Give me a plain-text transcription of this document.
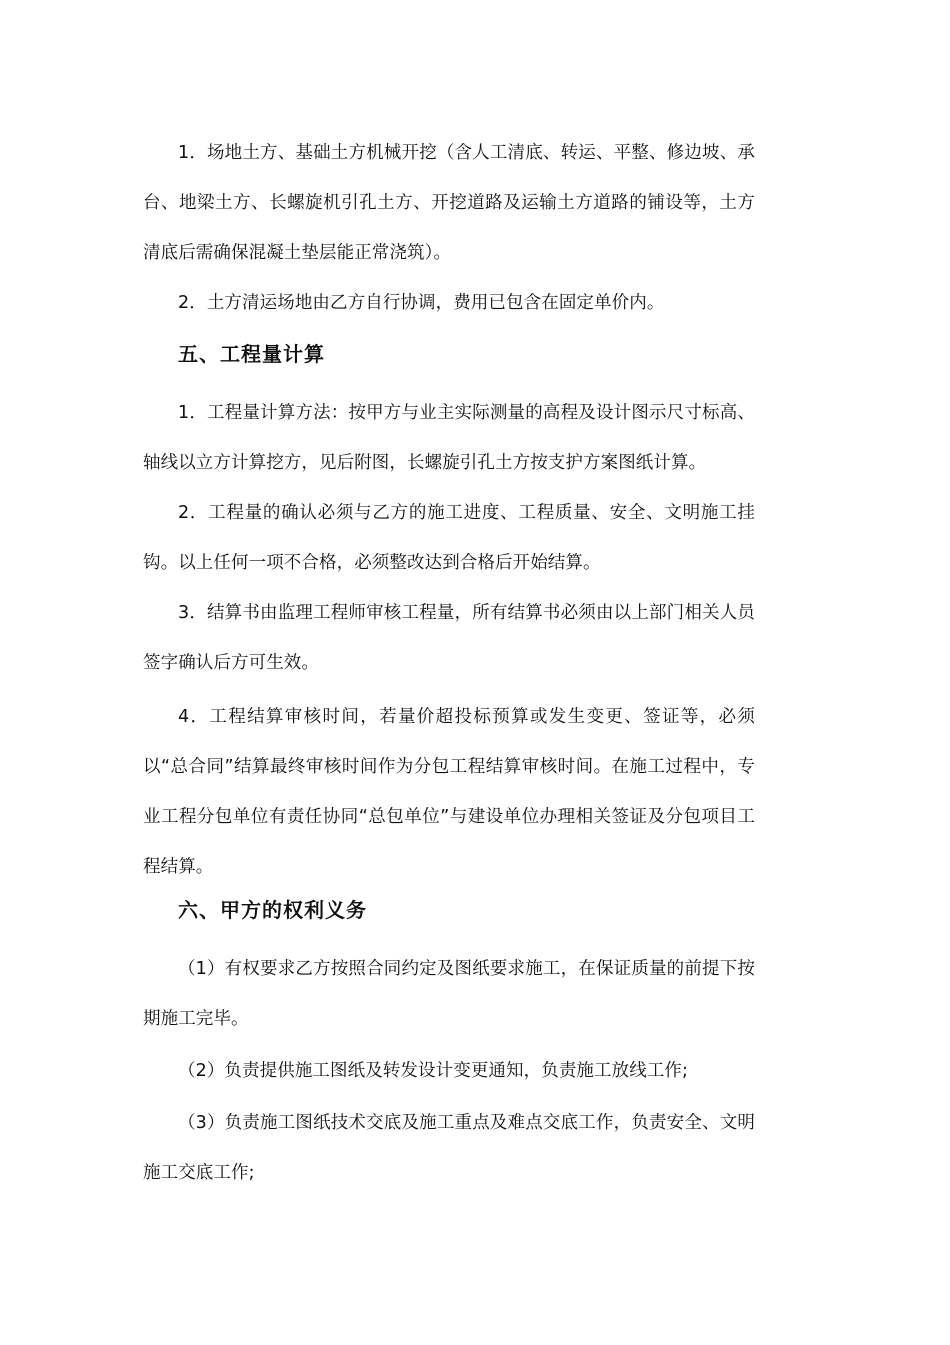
1．场地土方、基础土方机械开挖（含人工清底、转运、平整、修边坡、承台、地梁土方、长螺旋机引孔土方、开挖道路及运输土方道路的铺设等，土方清底后需确保混凝土垫层能正常浇筑）。

2．土方清运场地由乙方自行协调，费用已包含在固定单价内。

五、工程量计算

1．工程量计算方法：按甲方与业主实际测量的高程及设计图示尺寸标高、轴线以立方计算挖方，见后附图，长螺旋引孔土方按支护方案图纸计算。

2．工程量的确认必须与乙方的施工进度、工程质量、安全、文明施工挂钩。以上任何一项不合格，必须整改达到合格后开始结算。

3．结算书由监理工程师审核工程量，所有结算书必须由以上部门相关人员签字确认后方可生效。

4．工程结算审核时间，若量价超投标预算或发生变更、签证等，必须以“总合同”结算最终审核时间作为分包工程结算审核时间。在施工过程中，专业工程分包单位有责任协同“总包单位”与建设单位办理相关签证及分包项目工程结算。

六、甲方的权利义务

（1）有权要求乙方按照合同约定及图纸要求施工，在保证质量的前提下按期施工完毕。

（2）负责提供施工图纸及转发设计变更通知，负责施工放线工作;

（3）负责施工图纸技术交底及施工重点及难点交底工作，负责安全、文明施工交底工作;
